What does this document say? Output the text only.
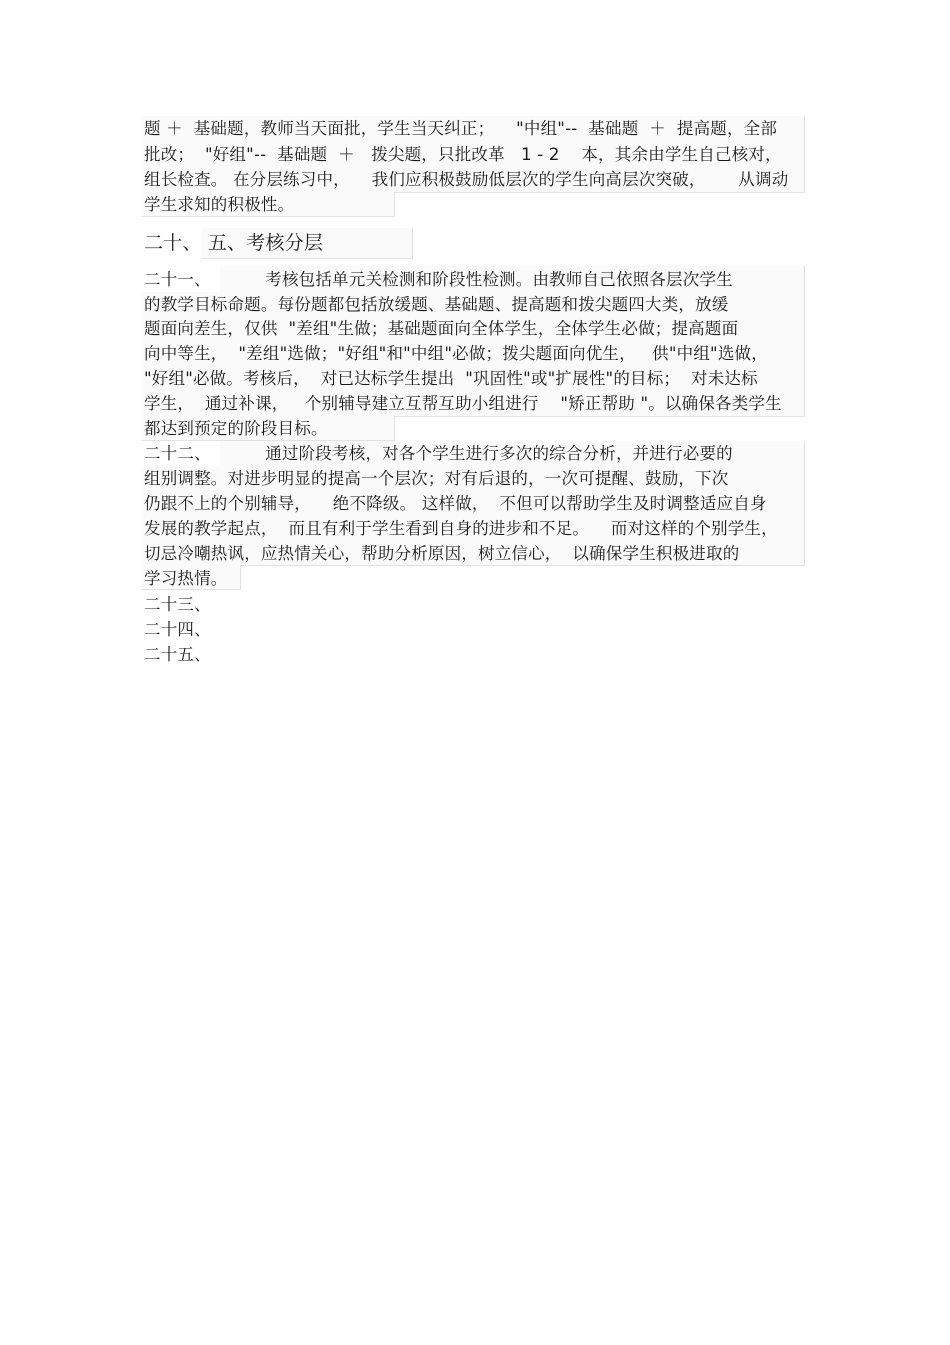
题 ＋  基础题，教师当天面批，学生当天纠正；    "中组"--  基础题  ＋  提高题，全部
批改；  "好组"--  基础题  ＋   拨尖题，只批改革   1 - 2    本，其余由学生自己核对，
组长检查。 在分层练习中，    我们应积极鼓励低层次的学生向高层次突破，      从调动
学生求知的积极性。
二十、 五、考核分层
二十一、          考核包括单元关检测和阶段性检测。由教师自己依照各层次学生
的教学目标命题。每份题都包括放缓题、基础题、提高题和拨尖题四大类，放缓
题面向差生，仅供  "差组"生做；基础题面向全体学生，全体学生必做；提高题面
向中等生，  "差组"选做；"好组"和"中组"必做；拨尖题面向优生，   供"中组"选做，
"好组"必做。考核后，  对已达标学生提出  "巩固性"或"扩展性"的目标；  对未达标
学生，  通过补课，   个别辅导建立互帮互助小组进行    "矫正帮助 "。以确保各类学生
都达到预定的阶段目标。
二十二、          通过阶段考核，对各个学生进行多次的综合分析，并进行必要的
组别调整。对进步明显的提高一个层次；对有后退的，一次可提醒、鼓励，下次
仍跟不上的个别辅导，    绝不降级。 这样做，  不但可以帮助学生及时调整适应自身
发展的教学起点，  而且有利于学生看到自身的进步和不足。    而对这样的个别学生，
切忌冷嘲热讽，应热情关心，帮助分析原因，树立信心，  以确保学生积极进取的
学习热情。
二十三、
二十四、
二十五、
